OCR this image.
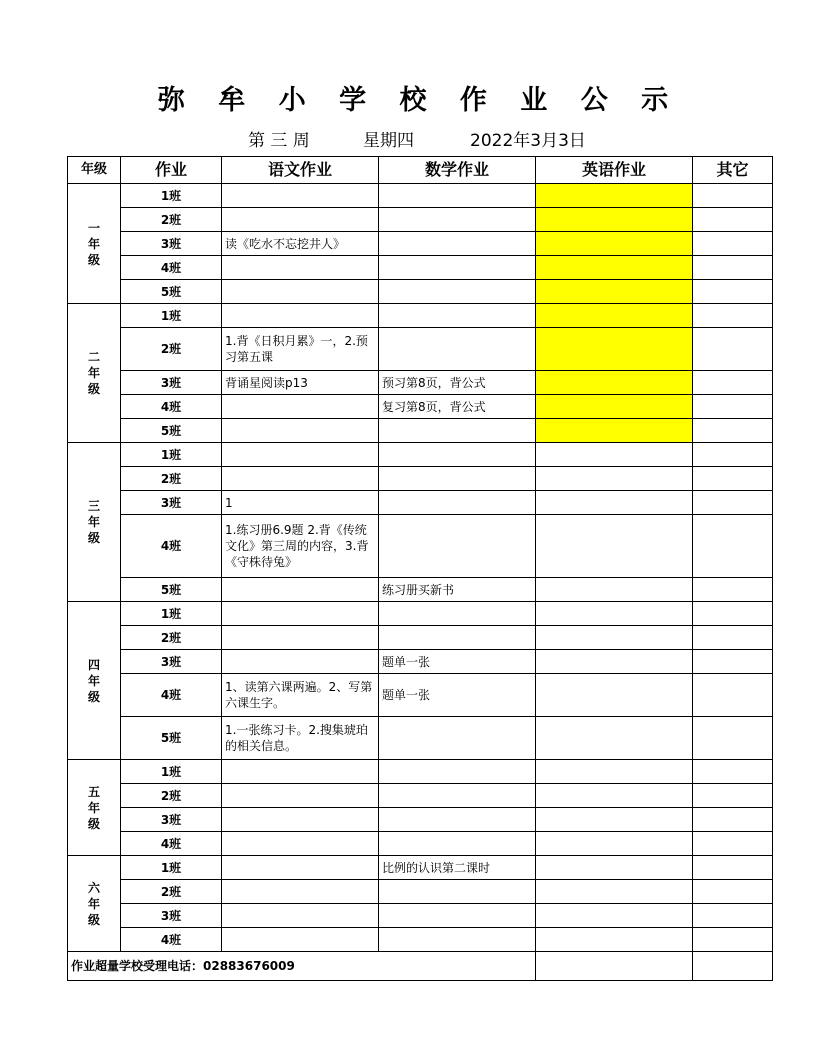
弥 牟 小 学 校 作 业 公 示
第 三 周	星期四	2022年3月3日
年级	作业	语文作业	数学作业	英语作业	其它
一年级	1班				
	2班				
	3班	读《吃水不忘挖井人》			
	4班				
	5班				
二年级	1班				
	2班	1.背《日积月累》一，2.预习第五课			
	3班	背诵星阅读p13	预习第8页，背公式		
	4班		复习第8页，背公式		
	5班				
三年级	1班				
	2班				
	3班	1			
	4班	1.练习册6.9题 2.背《传统文化》第三周的内容，3.背《守株待兔》			
	5班		练习册买新书		
四年级	1班				
	2班				
	3班		题单一张		
	4班	1、读第六课两遍。2、写第六课生字。	题单一张		
	5班	1.一张练习卡。2.搜集琥珀的相关信息。			
五年级	1班				
	2班				
	3班				
	4班				
六年级	1班		比例的认识第二课时		
	2班				
	3班				
	4班				
作业超量学校受理电话：02883676009					
